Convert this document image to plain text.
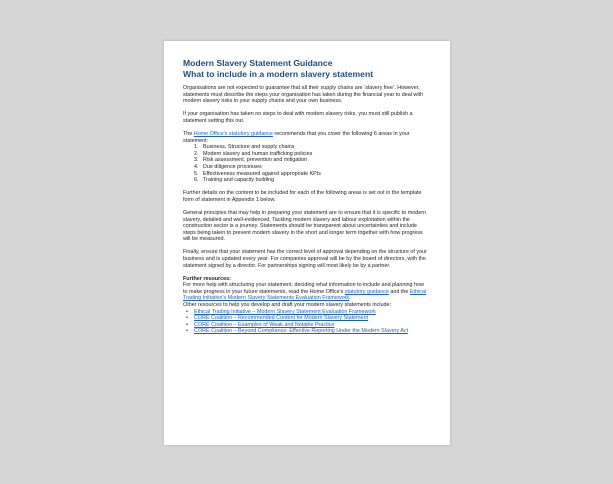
Modern Slavery Statement Guidance
What to include in a modern slavery statement

Organisations are not expected to guarantee that all their supply chains are ‘slavery free’. However, statements must describe the steps your organisation has taken during the financial year to deal with modern slavery risks in your supply chains and your own business.

If your organisation has taken no steps to deal with modern slavery risks, you must still publish a statement setting this out.

The Home Office's statutory guidance recommends that you cover the following 6 areas in your statement:

1. Business, Structure and supply chains
2. Modern slavery and human trafficking policies
3. Risk assessment, prevention and mitigation
4. Due diligence processes
5. Effectiveness measured against appropriate KPIs
6. Training and capacity building

Further details on the content to be included for each of the following areas is set out in the template form of statement in Appendix 1 below.

General principles that may help in preparing your statement are to ensure that it is specific to modern slavery, detailed and well-evidenced. Tackling modern slavery and labour exploitation within the construction sector is a journey. Statements should be transparent about uncertainties and include steps being taken to prevent modern slavery in the short and longer term together with how progress will be measured.

Finally, ensure that your statement has the correct level of approval depending on the structure of your business and is updated every year. For companies approval will be by the board of directors, with the statement signed by a director. For partnerships signing will most likely be by a partner.

Further resources:
For more help with structuring your statement, deciding what information to include and planning how to make progress in your future statements, read the Home Office's statutory guidance and the Ethical Trading Initiative's Modern Slavery Statements Evaluation Framework.
Other resources to help you develop and draft your modern slavery statements include:
• Ethical Trading Initiative – Modern Slavery Statement Evaluation Framework
• CORE Coalition – Recommended Content for Modern Slavery Statement
• CORE Coalition – Examples of Weak and Notable Practice
• CORE Coalition – Beyond Compliance: Effective Reporting Under the Modern Slavery Act
